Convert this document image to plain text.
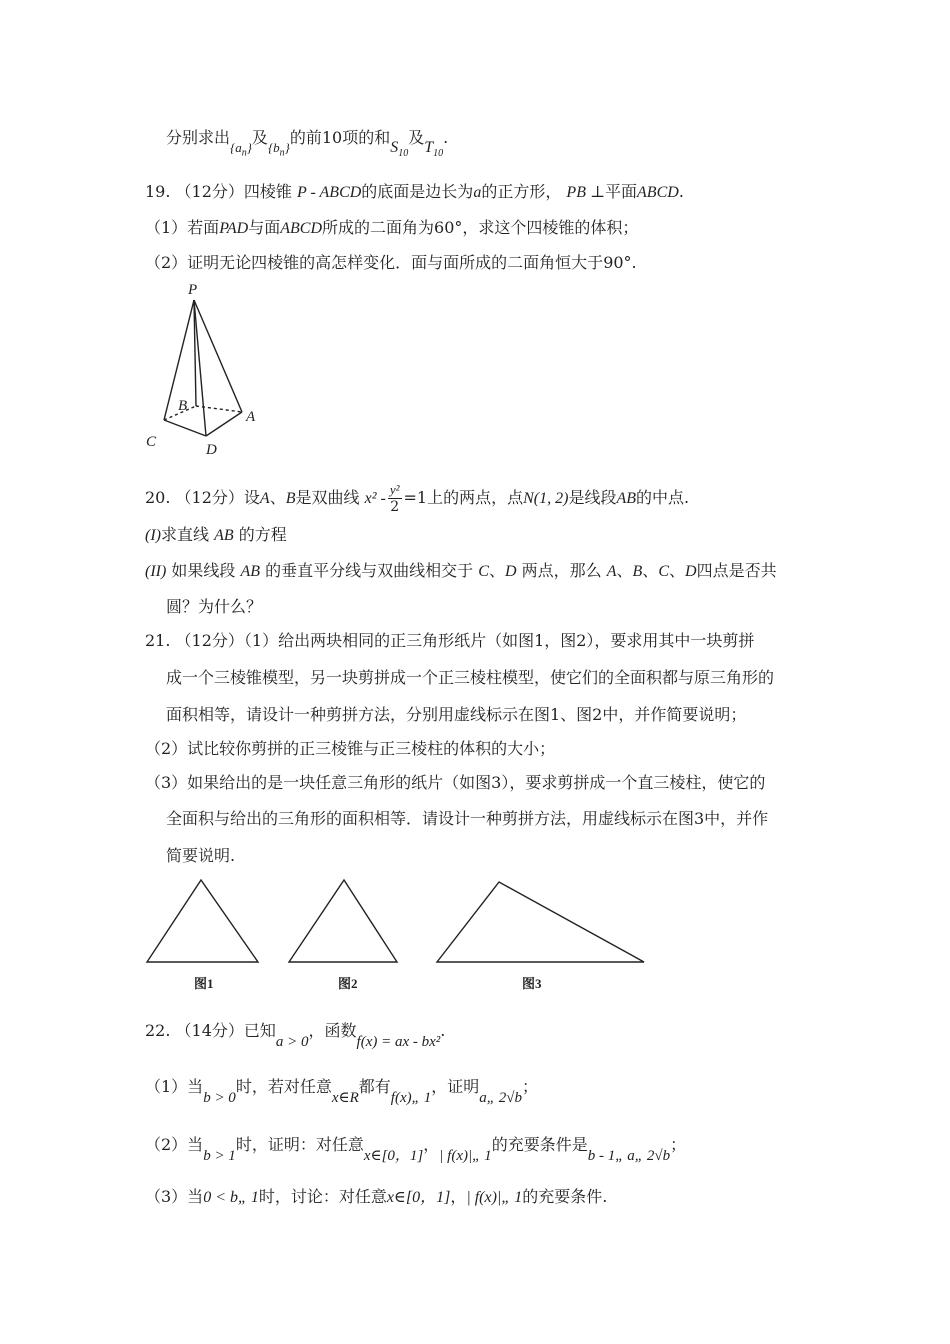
分别求出$_{\{a_n\}}$及$_{\{b_n\}}$的前10项的和$S_{10}$及$T_{10}$.
19. （12分）四棱锥 P - ABCD的底面是边长为a的正方形， PB ⊥平面ABCD.
（1）若面PAD与面ABCD所成的二面角为60°，求这个四棱锥的体积；
（2）证明无论四棱锥的高怎样变化．面与面所成的二面角恒大于90°.
P
B
A
C	D
20. （12分）设A、B是双曲线 $x^2 - \frac{\text{y²}}{2} =1$上的两点，点N(1, 2)是线段AB的中点.
(I)求直线 AB 的方程
(II) 如果线段 AB 的垂直平分线与双曲线相交于 C、D 两点，那么 A、B、C、D四点是否共
圆？为什么？
21. （12分）（1）给出两块相同的正三角形纸片（如图1，图2），要求用其中一块剪拼
成一个三棱锥模型，另一块剪拼成一个正三棱柱模型，使它们的全面积都与原三角形的
面积相等，请设计一种剪拼方法，分别用虚线标示在图1、图2中，并作简要说明；
（2）试比较你剪拼的正三棱锥与正三棱柱的体积的大小；
（3）如果给出的是一块任意三角形的纸片（如图3），要求剪拼成一个直三棱柱，使它的
全面积与给出的三角形的面积相等．请设计一种剪拼方法，用虚线标示在图3中，并作
简要说明.
图1	图2	图3
22. （14分）已知a > 0，函数f(x) = ax - bx².
（1）当b > 0时，若对任意x∈R都有f(x)„ 1，证明a„ 2√b；
（2）当b > 1时，证明：对任意x∈[0，1]，| f(x)|„ 1的充要条件是b - 1„ a„ 2√b；
（3）当0 < b„ 1时，讨论：对任意x∈[0，1]，| f(x)|„ 1的充要条件.
